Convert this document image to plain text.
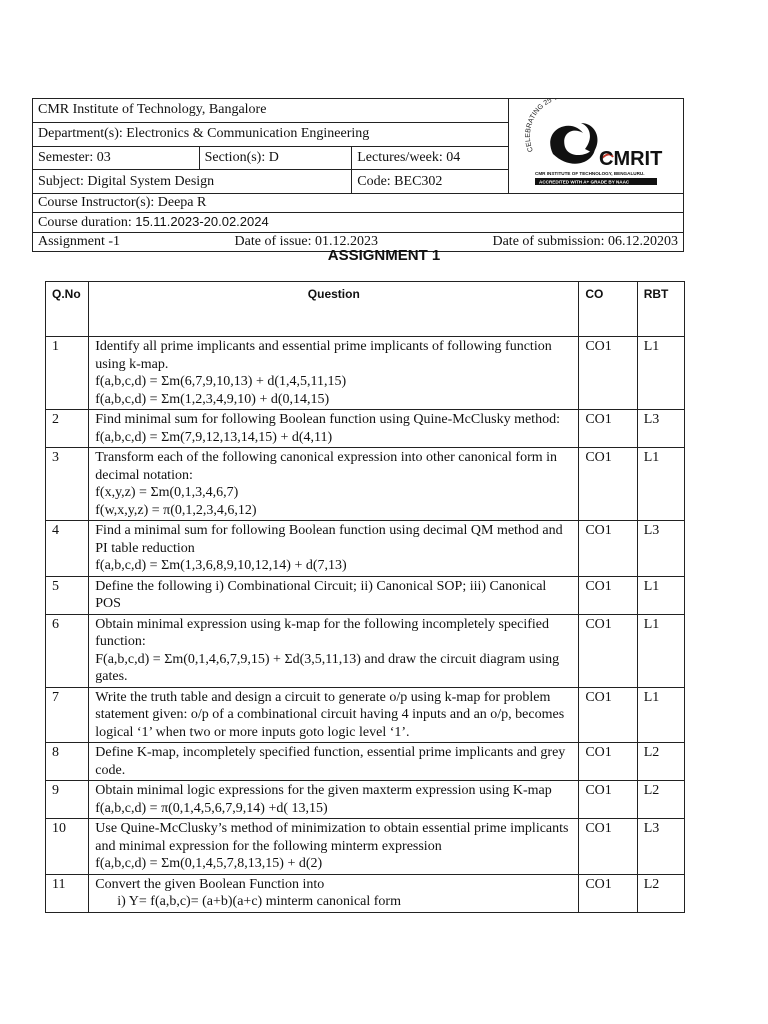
CMR Institute of Technology, Bangalore			CELEBRATING 25
CMRIT
CMR INSTITUTE OF TECHNOLOGY, BENGALURU.
ACCREDITED WITH A+ GRADE BY NAAC

Department(s): Electronics & Communication Engineering			
Semester: 03	Section(s): D	Lectures/week: 04	
Subject: Digital System Design		Code: BEC302	
Course Instructor(s): Deepa R			
Course duration: 15.11.2023-20.02.2024			

Assignment -1 Date of issue: 01.12.2023 Date of submission: 06.12.20203			
ASSIGNMENT 1
Q.No	Question	CO	RBT
1	Identify all prime implicants and essential prime implicants of following function using k-map.
f(a,b,c,d) = Σm(6,7,9,10,13) + d(1,4,5,11,15)
f(a,b,c,d) = Σm(1,2,3,4,9,10) + d(0,14,15)	CO1	L1
2	Find minimal sum for following Boolean function using Quine-McClusky method:
f(a,b,c,d) = Σm(7,9,12,13,14,15) + d(4,11)	CO1	L3
3	Transform each of the following canonical expression into other canonical form in decimal notation:
f(x,y,z) = Σm(0,1,3,4,6,7)
f(w,x,y,z) = π(0,1,2,3,4,6,12)	CO1	L1
4	Find a minimal sum for following Boolean function using decimal QM method and PI table reduction
f(a,b,c,d) = Σm(1,3,6,8,9,10,12,14) + d(7,13)	CO1	L3
5	Define the following i) Combinational Circuit; ii) Canonical SOP; iii) Canonical POS	CO1	L1
6	Obtain minimal expression using k-map for the following incompletely specified function:
F(a,b,c,d) = Σm(0,1,4,6,7,9,15) + Σd(3,5,11,13) and draw the circuit diagram using gates.	CO1	L1
7	Write the truth table and design a circuit to generate o/p using k-map for problem statement given: o/p of a combinational circuit having 4 inputs and an o/p, becomes logical ‘1’ when two or more inputs goto logic level ‘1’.	CO1	L1
8	Define K-map, incompletely specified function, essential prime implicants and grey code.	CO1	L2
9	Obtain minimal logic expressions for the given maxterm expression using K-map
f(a,b,c,d) = π(0,1,4,5,6,7,9,14) +d( 13,15)	CO1	L2
10	Use Quine-McClusky’s method of minimization to obtain essential prime implicants and minimal expression for the following minterm expression
f(a,b,c,d) = Σm(0,1,4,5,7,8,13,15) + d(2)	CO1	L3
11	Convert the given Boolean Function into
i) Y= f(a,b,c)= (a+b)(a+c) minterm canonical form	CO1	L2
